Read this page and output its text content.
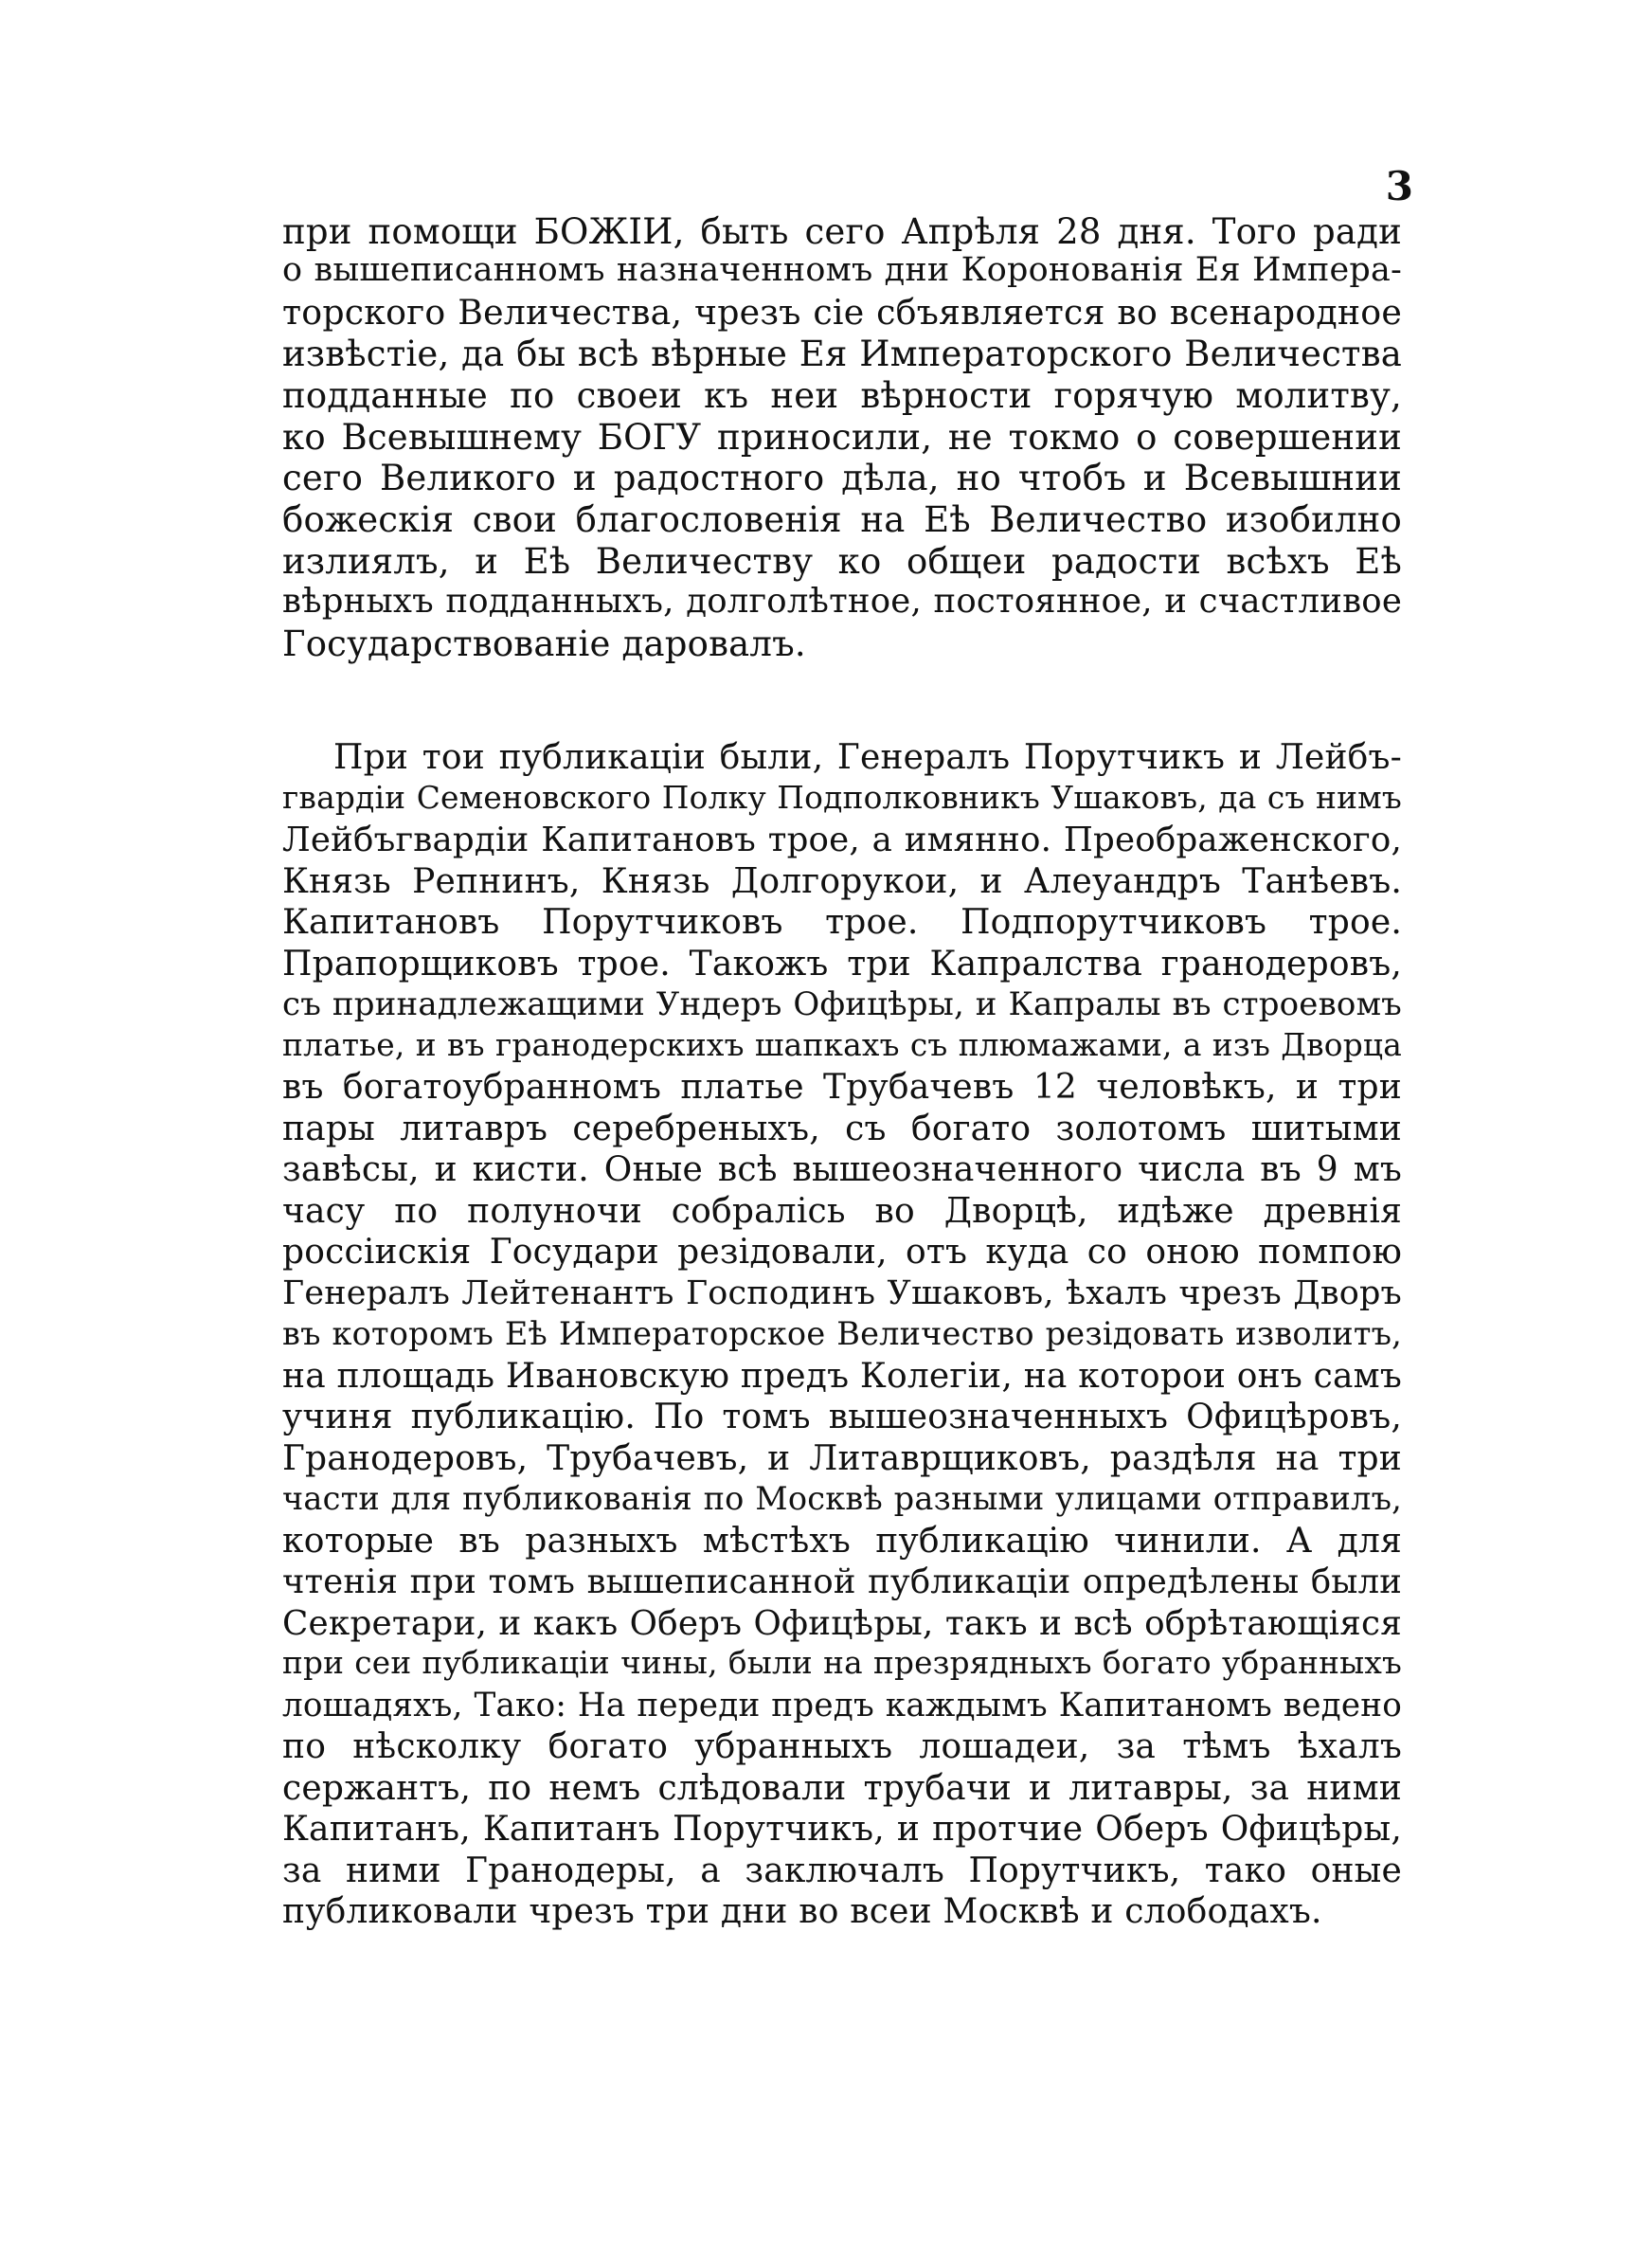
3
при помощи БОЖІИ, быть сего Апрѣля 28 дня. Того ради
о вышеписанномъ назначенномъ дни Коронованія Ея Импера-
торского Величества, чрезъ сіе сбъявляется во всенародное
извѣстіе, да бы всѣ вѣрные Ея Императорского Величества
подданные по своеи къ неи вѣрности горячую молитву,
ко Всевышнему БОГУ приносили, не токмо о совершении
сего Великого и радостного дѣла, но чтобъ и Всевышнии
божескія свои благословенія на Еѣ Величество изобилно
излиялъ, и Еѣ Величеству ко общеи радости всѣхъ Еѣ
вѣрныхъ подданныхъ, долголѣтное, постоянное, и счастливое
Государствованіе даровалъ.
При тои публикаціи были, Генералъ Порутчикъ и Лейбъ-
гвардіи Семеновского Полку Подполковникъ Ушаковъ, да съ нимъ
Лейбъгвардіи Капитановъ трое, а имянно. Преображенского,
Князь Репнинъ, Князь Долгорукои, и Алеуандръ Танѣевъ.
Капитановъ Порутчиковъ трое. Подпорутчиковъ трое.
Прапорщиковъ трое. Такожъ три Капралства гранодеровъ,
съ принадлежащими Ундеръ Офицѣры, и Капралы въ строевомъ
платье, и въ гранодерскихъ шапкахъ съ плюмажами, а изъ Дворца
въ богатоубранномъ платье Трубачевъ 12 человѣкъ, и три
пары литавръ серебреныхъ, съ богато золотомъ шитыми
завѣсы, и кисти. Оные всѣ вышеозначенного числа въ 9 мъ
часу по полуночи собралісь во Дворцѣ, идѣже древнія
россіискія Государи резідовали, отъ куда со оною помпою
Генералъ Лейтенантъ Господинъ Ушаковъ, ѣхалъ чрезъ Дворъ
въ которомъ Еѣ Императорское Величество резідовать изволитъ,
на площадь Ивановскую предъ Колегіи, на которои онъ самъ
учиня публикацію. По томъ вышеозначенныхъ Офицѣровъ,
Гранодеровъ, Трубачевъ, и Литаврщиковъ, раздѣля на три
части для публикованія по Москвѣ разными улицами отправилъ,
которые въ разныхъ мѣстѣхъ публикацію чинили. А для
чтенія при томъ вышеписанной публикаціи опредѣлены были
Секретари, и какъ Оберъ Офицѣры, такъ и всѣ обрѣтающіяся
при сеи публикаціи чины, были на презрядныхъ богато убранныхъ
лошадяхъ, Тако: На переди предъ каждымъ Капитаномъ ведено
по нѣсколку богато убранныхъ лошадеи, за тѣмъ ѣхалъ
сержантъ, по немъ слѣдовали трубачи и литавры, за ними
Капитанъ, Капитанъ Порутчикъ, и протчие Оберъ Офицѣры,
за ними Гранодеры, а заключалъ Порутчикъ, тако оные
публиковали чрезъ три дни во всеи Москвѣ и слободахъ.
